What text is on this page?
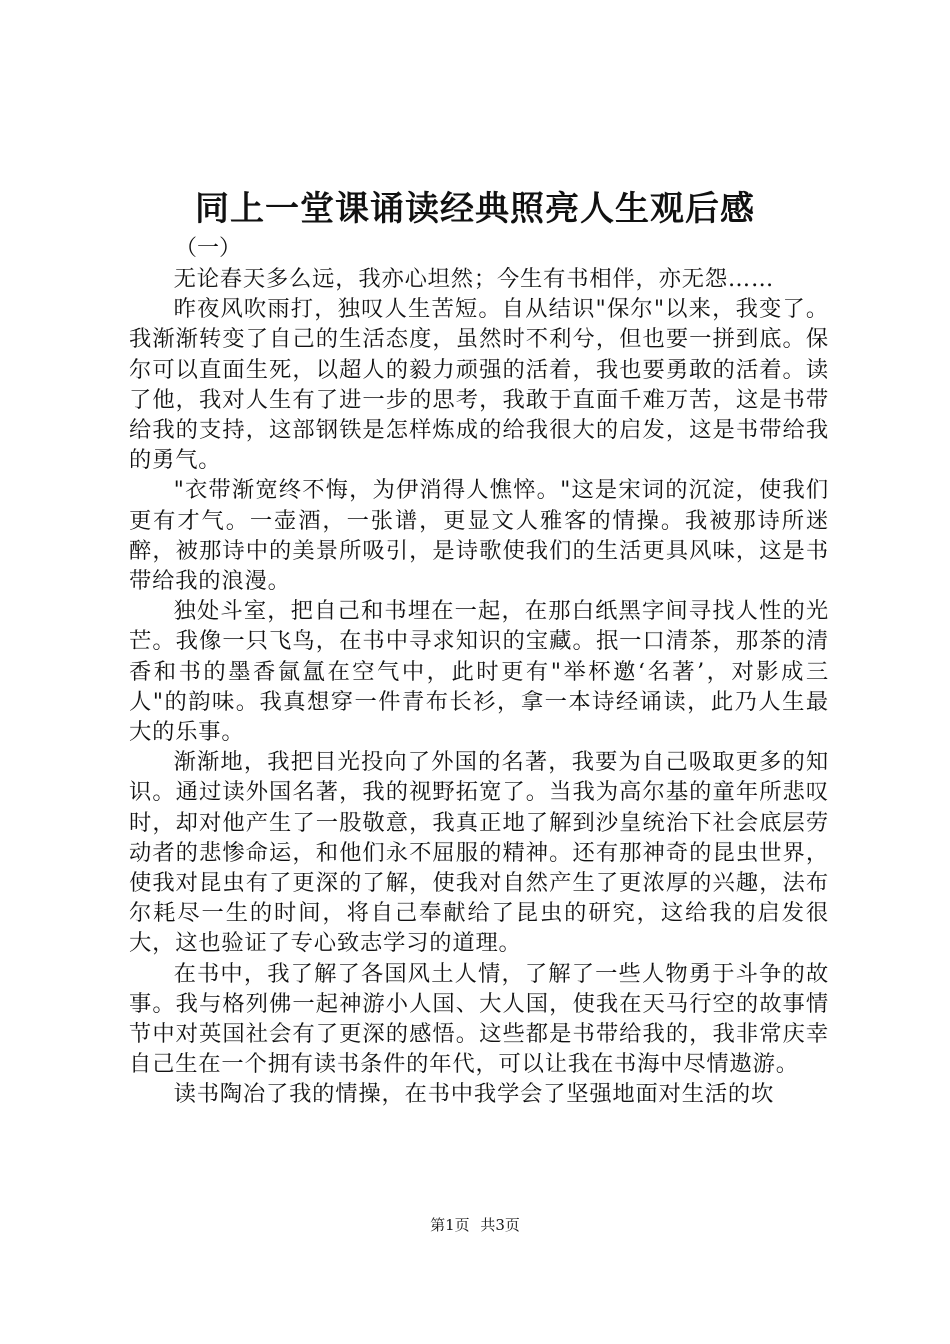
同上一堂课诵读经典照亮人生观后感
（一）

无论春天多么远，我亦心坦然；今生有书相伴，亦无怨……

昨夜风吹雨打，独叹人生苦短。自从结识"保尔"以来，我变了。我渐渐转变了自己的生活态度，虽然时不利兮，但也要一拼到底。保尔可以直面生死，以超人的毅力顽强的活着，我也要勇敢的活着。读了他，我对人生有了进一步的思考，我敢于直面千难万苦，这是书带给我的支持，这部钢铁是怎样炼成的给我很大的启发，这是书带给我的勇气。

"衣带渐宽终不悔，为伊消得人憔悴。"这是宋词的沉淀，使我们更有才气。一壶酒，一张谱，更显文人雅客的情操。我被那诗所迷醉，被那诗中的美景所吸引，是诗歌使我们的生活更具风味，这是书带给我的浪漫。

独处斗室，把自己和书埋在一起，在那白纸黑字间寻找人性的光芒。我像一只飞鸟，在书中寻求知识的宝藏。抿一口清茶，那茶的清香和书的墨香氤氲在空气中，此时更有"举杯邀‘名著’，对影成三人"的韵味。我真想穿一件青布长衫，拿一本诗经诵读，此乃人生最大的乐事。

渐渐地，我把目光投向了外国的名著，我要为自己吸取更多的知识。通过读外国名著，我的视野拓宽了。当我为高尔基的童年所悲叹时，却对他产生了一股敬意，我真正地了解到沙皇统治下社会底层劳动者的悲惨命运，和他们永不屈服的精神。还有那神奇的昆虫世界，使我对昆虫有了更深的了解，使我对自然产生了更浓厚的兴趣，法布尔耗尽一生的时间，将自己奉献给了昆虫的研究，这给我的启发很大，这也验证了专心致志学习的道理。

在书中，我了解了各国风土人情，了解了一些人物勇于斗争的故事。我与格列佛一起神游小人国、大人国，使我在天马行空的故事情节中对英国社会有了更深的感悟。这些都是书带给我的，我非常庆幸自己生在一个拥有读书条件的年代，可以让我在书海中尽情遨游。

读书陶冶了我的情操，在书中我学会了坚强地面对生活的坎

第1页 共3页
